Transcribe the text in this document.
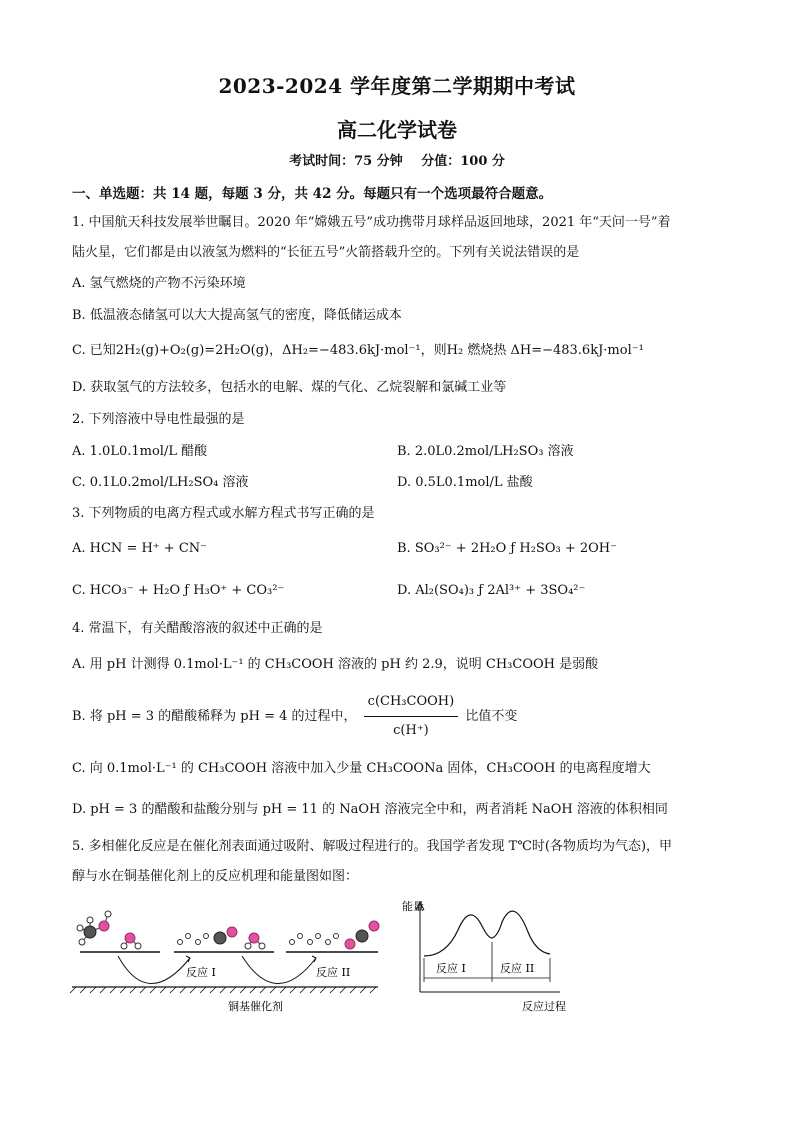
2023-2024 学年度第二学期期中考试
高二化学试卷
考试时间：75 分钟 分值：100 分
一、单选题：共 14 题，每题 3 分，共 42 分。每题只有一个选项最符合题意。
1. 中国航天科技发展举世瞩目。2020 年“嫦娥五号”成功携带月球样品返回地球，2021 年“天问一号”着
陆火星，它们都是由以液氢为燃料的“长征五号”火箭搭载升空的。下列有关说法错误的是
A. 氢气燃烧的产物不污染环境
B. 低温液态储氢可以大大提高氢气的密度，降低储运成本
C. 已知2H₂(g)+O₂(g)=2H₂O(g)，ΔH₂=−483.6kJ·mol⁻¹，则H₂ 燃烧热 ΔH=−483.6kJ·mol⁻¹
D. 获取氢气的方法较多，包括水的电解、煤的气化、乙烷裂解和氯碱工业等
2. 下列溶液中导电性最强的是
A. 1.0L0.1mol/L 醋酸	B. 2.0L0.2mol/LH₂SO₃ 溶液
C. 0.1L0.2mol/LH₂SO₄ 溶液	D. 0.5L0.1mol/L 盐酸
3. 下列物质的电离方程式或水解方程式书写正确的是
A. HCN = H⁺ + CN⁻	B. SO₃²⁻ + 2H₂O ƒ H₂SO₃ + 2OH⁻
C. HCO₃⁻ + H₂O ƒ H₃O⁺ + CO₃²⁻	D. Al₂(SO₄)₃ ƒ 2Al³⁺ + 3SO₄²⁻
4. 常温下，有关醋酸溶液的叙述中正确的是
A. 用 pH 计测得 0.1mol·L⁻¹ 的 CH₃COOH 溶液的 pH 约 2.9，说明 CH₃COOH 是弱酸
B. 将 pH = 3 的醋酸稀释为 pH = 4 的过程中， $\frac{\text{c(CH₃COOH)}}{c(H^+)}$ 比值不变
C. 向 0.1mol·L⁻¹ 的 CH₃COOH 溶液中加入少量 CH₃COONa 固体，CH₃COOH 的电离程度增大
D. pH = 3 的醋酸和盐酸分别与 pH = 11 的 NaOH 溶液完全中和，两者消耗 NaOH 溶液的体积相同
5. 多相催化反应是在催化剂表面通过吸附、解吸过程进行的。我国学者发现 T℃时(各物质均为气态)，甲
醇与水在铜基催化剂上的反应机理和能量图如图：
反应 I	反应 II
铜基催化剂
能量
反应 I	反应 II
反应过程
